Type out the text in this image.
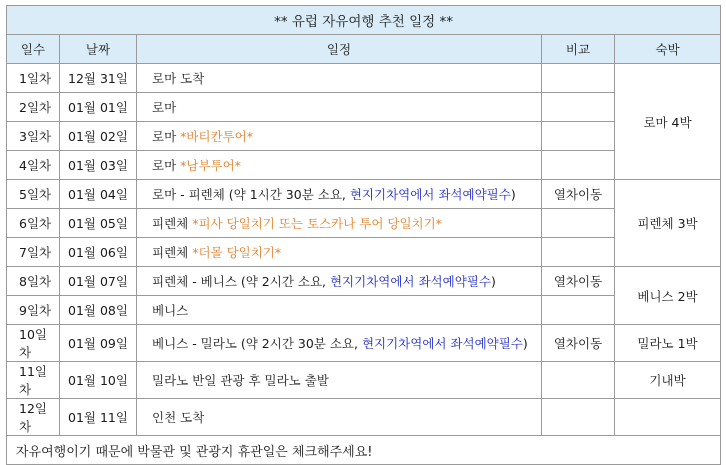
** 유럽 자유여행 추천 일정 **				
일수	날짜	일정	비교	숙박
1일차	12월 31일	로마 도착		로마 4박
2일차	01월 01일	로마		
3일차	01월 02일	로마 *바티칸투어*		
4일차	01월 03일	로마 *남부투어*		
5일차	01월 04일	로마 - 피렌체 (약 1시간 30분 소요, 현지기차역에서 좌석예약필수)	열차이동	피렌체 3박
6일차	01월 05일	피렌체 *피사 당일치기 또는 토스카나 투어 당일치기*		
7일차	01월 06일	피렌체 *더몰 당일치기*		
8일차	01월 07일	피렌체 - 베니스 (약 2시간 소요, 현지기차역에서 좌석예약필수)	열차이동	베니스 2박
9일차	01월 08일	베니스		
10일차	01월 09일	베니스 - 밀라노 (약 2시간 30분 소요, 현지기차역에서 좌석예약필수)	열차이동	밀라노 1박
11일차	01월 10일	밀라노 반일 관광 후 밀라노 출발		기내박
12일차	01월 11일	인천 도착		
자유여행이기 때문에 박물관 및 관광지 휴관일은 체크해주세요!				
